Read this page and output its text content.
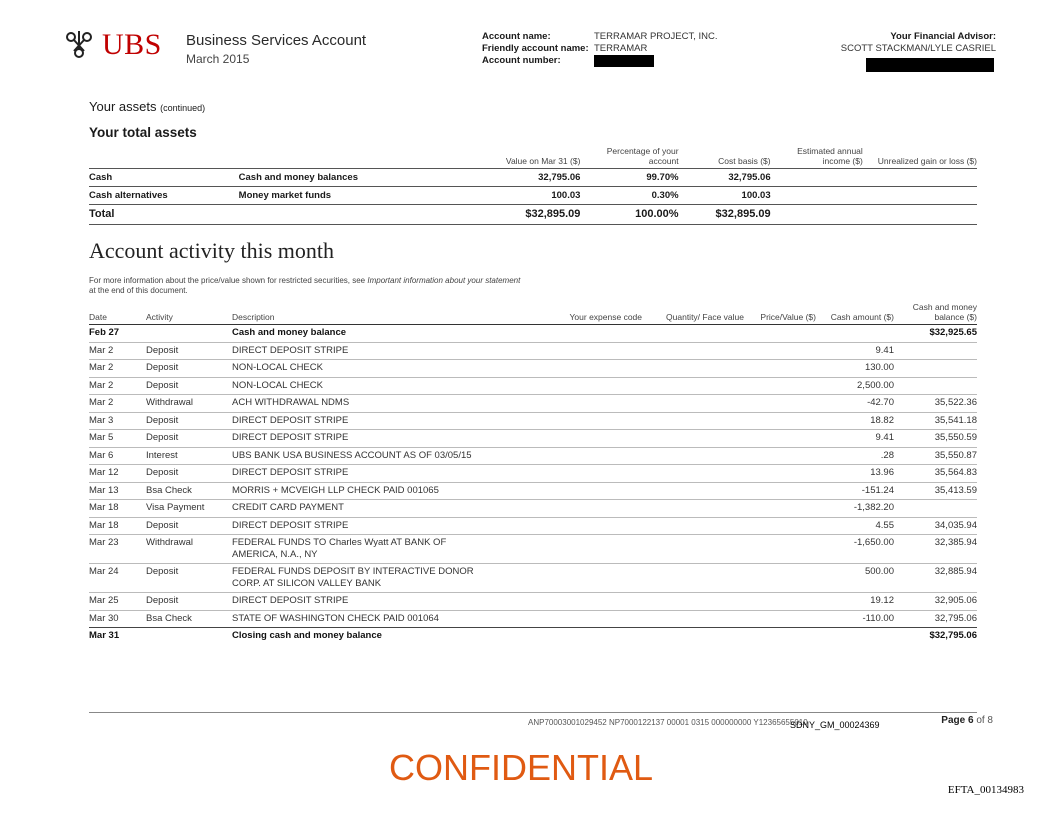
UBS Business Services Account
March 2015
Account name:
Friendly account name:
Account number:
TERRAMAR PROJECT, INC.
TERRAMAR
Your Financial Advisor:
SCOTT STACKMAN/LYLE CASRIEL
Your assets (continued)
Your total assets
		Value on Mar 31 ($)	Percentage of your account	Cost basis ($)	Estimated annual income ($)	Unrealized gain or loss ($)
Cash	Cash and money balances	32,795.06	99.70%	32,795.06		
Cash alternatives	Money market funds	100.03	0.30%	100.03		
Total		$32,895.09	100.00%	$32,895.09		
Account activity this month
For more information about the price/value shown for restricted securities, see Important information about your statement at the end of this document.
Date	Activity	Description	Your expense code	Quantity/ Face value	Price/Value ($)	Cash amount ($)	Cash and money balance ($)
Feb 27		Cash and money balance					$32,925.65
Mar 2	Deposit	DIRECT DEPOSIT STRIPE				9.41	
Mar 2	Deposit	NON-LOCAL CHECK				130.00	
Mar 2	Deposit	NON-LOCAL CHECK				2,500.00	
Mar 2	Withdrawal	ACH WITHDRAWAL NDMS				-42.70	35,522.36
Mar 3	Deposit	DIRECT DEPOSIT STRIPE				18.82	35,541.18
Mar 5	Deposit	DIRECT DEPOSIT STRIPE				9.41	35,550.59
Mar 6	Interest	UBS BANK USA BUSINESS ACCOUNT AS OF 03/05/15				.28	35,550.87
Mar 12	Deposit	DIRECT DEPOSIT STRIPE				13.96	35,564.83
Mar 13	Bsa Check	MORRIS + MCVEIGH LLP CHECK PAID 001065				-151.24	35,413.59
Mar 18	Visa Payment	CREDIT CARD PAYMENT				-1,382.20	
Mar 18	Deposit	DIRECT DEPOSIT STRIPE				4.55	34,035.94
Mar 23	Withdrawal	FEDERAL FUNDS TO Charles Wyatt AT BANK OF AMERICA, N.A., NY				-1,650.00	32,385.94
Mar 24	Deposit	FEDERAL FUNDS DEPOSIT BY INTERACTIVE DONOR CORP. AT SILICON VALLEY BANK				500.00	32,885.94
Mar 25	Deposit	DIRECT DEPOSIT STRIPE				19.12	32,905.06
Mar 30	Bsa Check	STATE OF WASHINGTON CHECK PAID 001064				-110.00	32,795.06
Mar 31		Closing cash and money balance					$32,795.06
ANP70003001029452 NP7000122137 00001 0315 000000000 Y12365655010
SDNY_GM_00024369	Page 6 of 8
CONFIDENTIAL
EFTA_00134983
